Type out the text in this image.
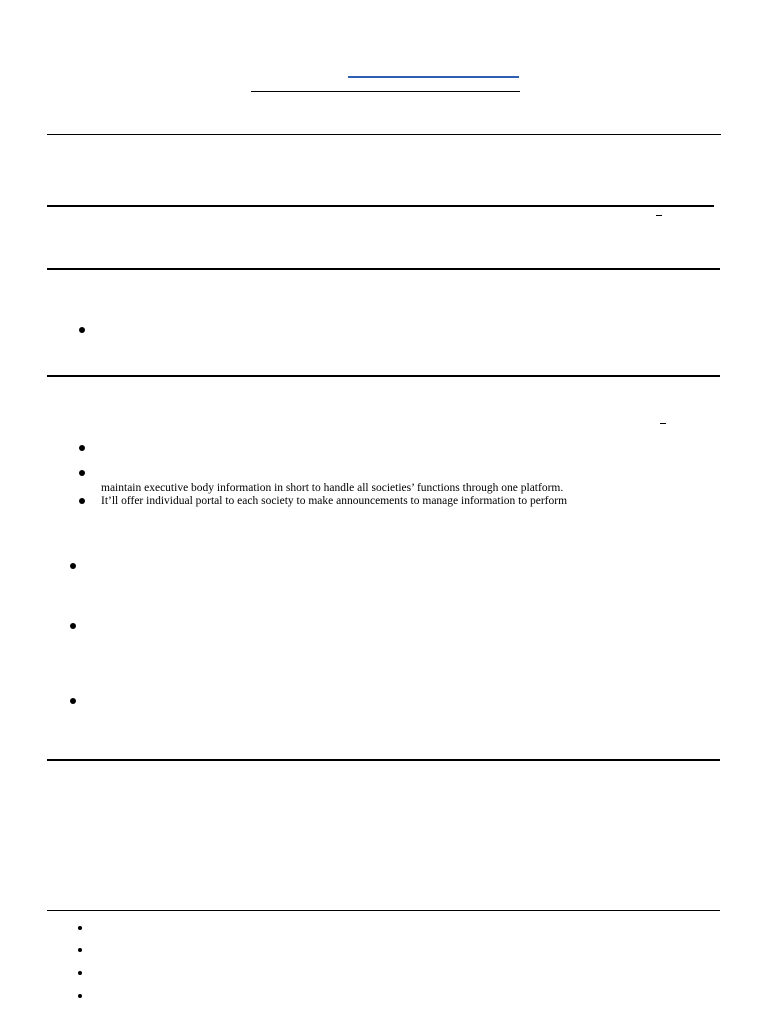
maintain executive body information in short to handle all societies’ functions through one platform.
It’ll offer individual portal to each society to make announcements to manage information to perform
